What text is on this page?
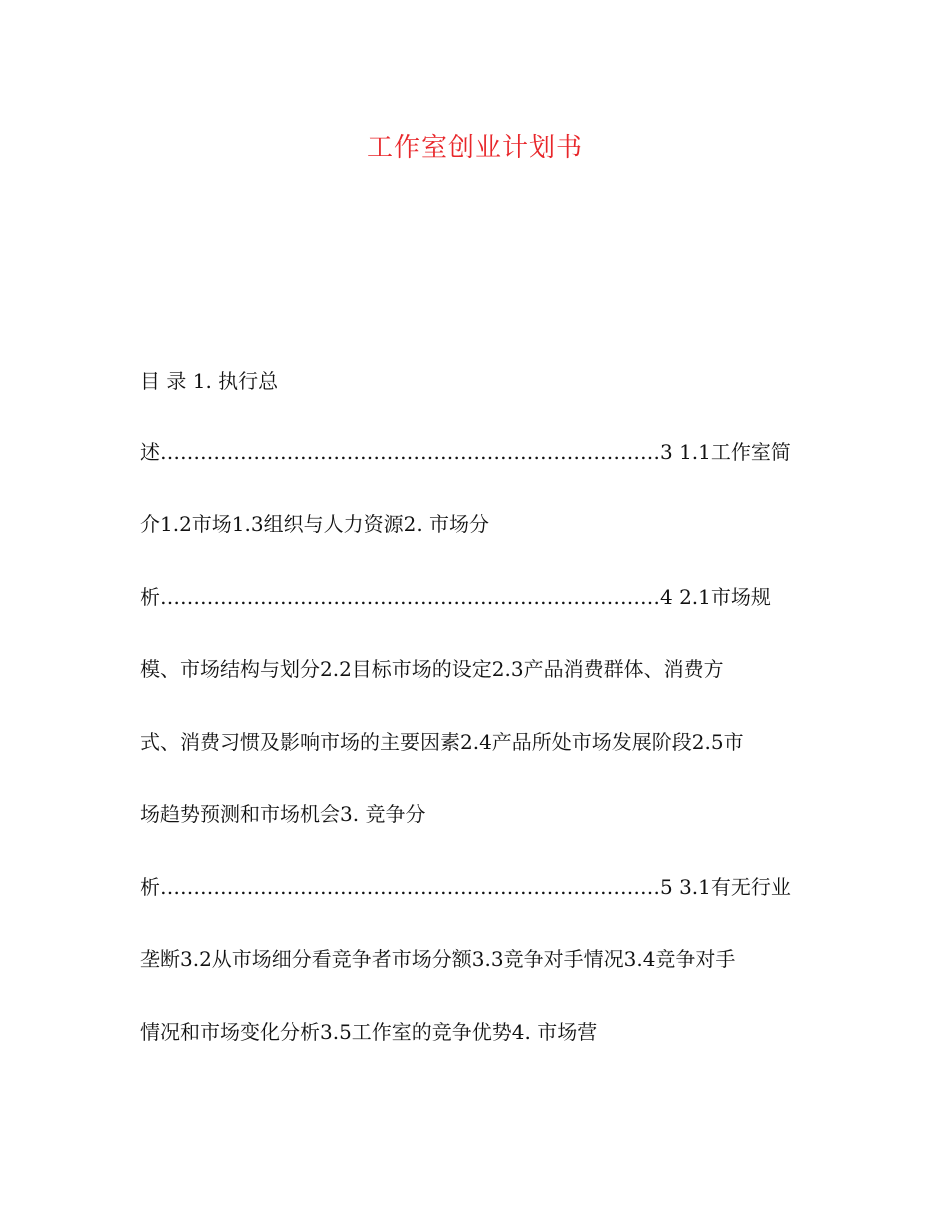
工作室创业计划书
目 录 1. 执行总
述…………………………………………………………………3 1.1工作室简
介1.2市场1.3组织与人力资源2. 市场分
析…………………………………………………………………4 2.1市场规
模、市场结构与划分2.2目标市场的设定2.3产品消费群体、消费方
式、消费习惯及影响市场的主要因素2.4产品所处市场发展阶段2.5市
场趋势预测和市场机会3. 竞争分
析…………………………………………………………………5 3.1有无行业
垄断3.2从市场细分看竞争者市场分额3.3竞争对手情况3.4竞争对手
情况和市场变化分析3.5工作室的竞争优势4. 市场营
